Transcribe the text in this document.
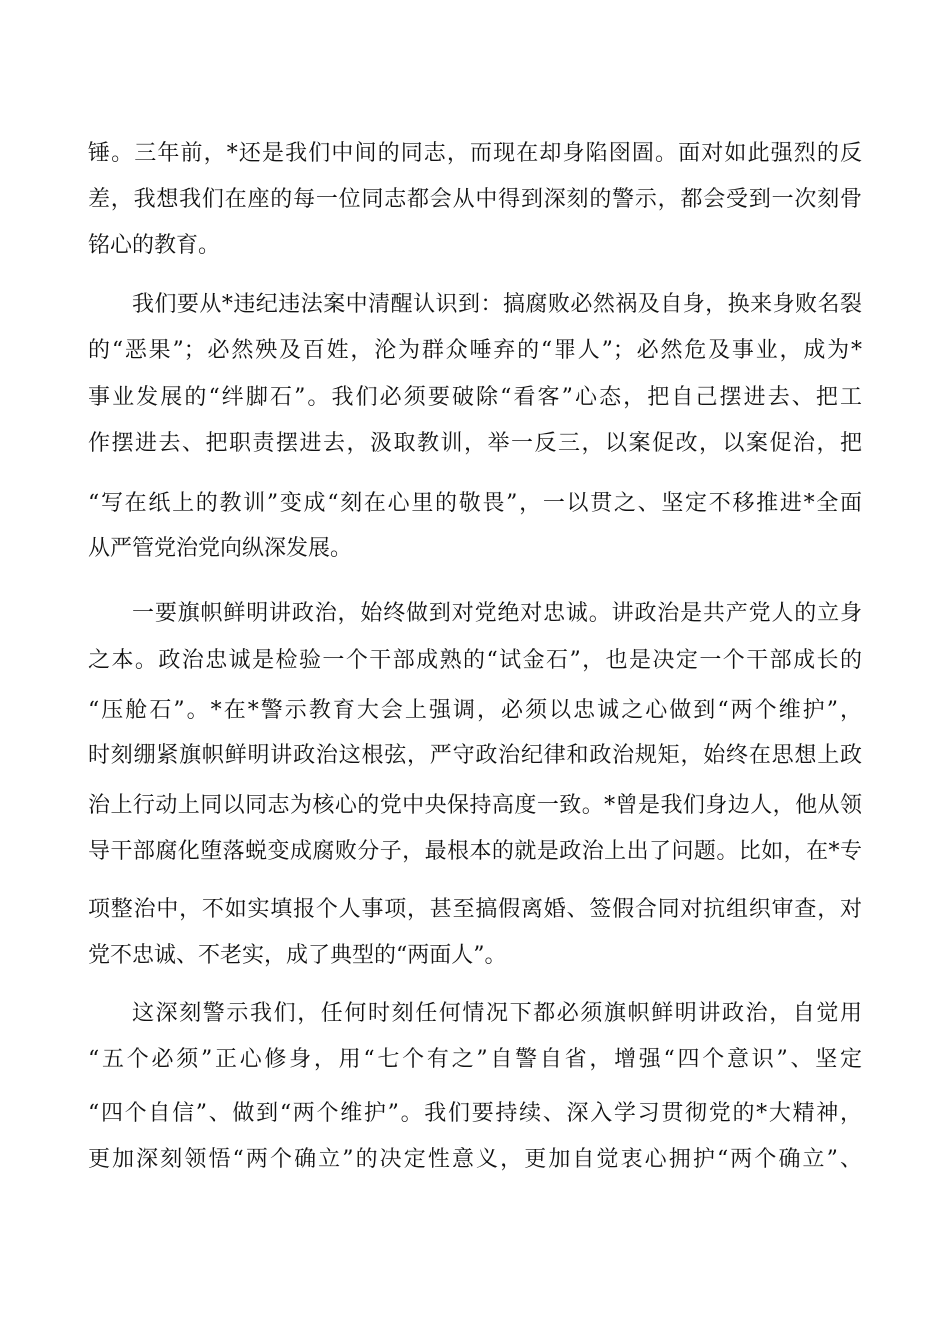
锤。三年前，*还是我们中间的同志，而现在却身陷囹圄。面对如此强烈的反
差，我想我们在座的每一位同志都会从中得到深刻的警示，都会受到一次刻骨
铭心的教育。
我们要从*违纪违法案中清醒认识到：搞腐败必然祸及自身，换来身败名裂
的“恶果”；必然殃及百姓，沦为群众唾弃的“罪人”；必然危及事业，成为*
事业发展的“绊脚石”。我们必须要破除“看客”心态，把自己摆进去、把工
作摆进去、把职责摆进去，汲取教训，举一反三，以案促改，以案促治，把
“写在纸上的教训”变成“刻在心里的敬畏”，一以贯之、坚定不移推进*全面
从严管党治党向纵深发展。
一要旗帜鲜明讲政治，始终做到对党绝对忠诚。讲政治是共产党人的立身
之本。政治忠诚是检验一个干部成熟的“试金石”，也是决定一个干部成长的
“压舱石”。*在*警示教育大会上强调，必须以忠诚之心做到“两个维护”，
时刻绷紧旗帜鲜明讲政治这根弦，严守政治纪律和政治规矩，始终在思想上政
治上行动上同以同志为核心的党中央保持高度一致。*曾是我们身边人，他从领
导干部腐化堕落蜕变成腐败分子，最根本的就是政治上出了问题。比如，在*专
项整治中，不如实填报个人事项，甚至搞假离婚、签假合同对抗组织审查，对
党不忠诚、不老实，成了典型的“两面人”。
这深刻警示我们，任何时刻任何情况下都必须旗帜鲜明讲政治，自觉用
“五个必须”正心修身，用“七个有之”自警自省，增强“四个意识”、坚定
“四个自信”、做到“两个维护”。我们要持续、深入学习贯彻党的*大精神，
更加深刻领悟“两个确立”的决定性意义，更加自觉衷心拥护“两个确立”、
